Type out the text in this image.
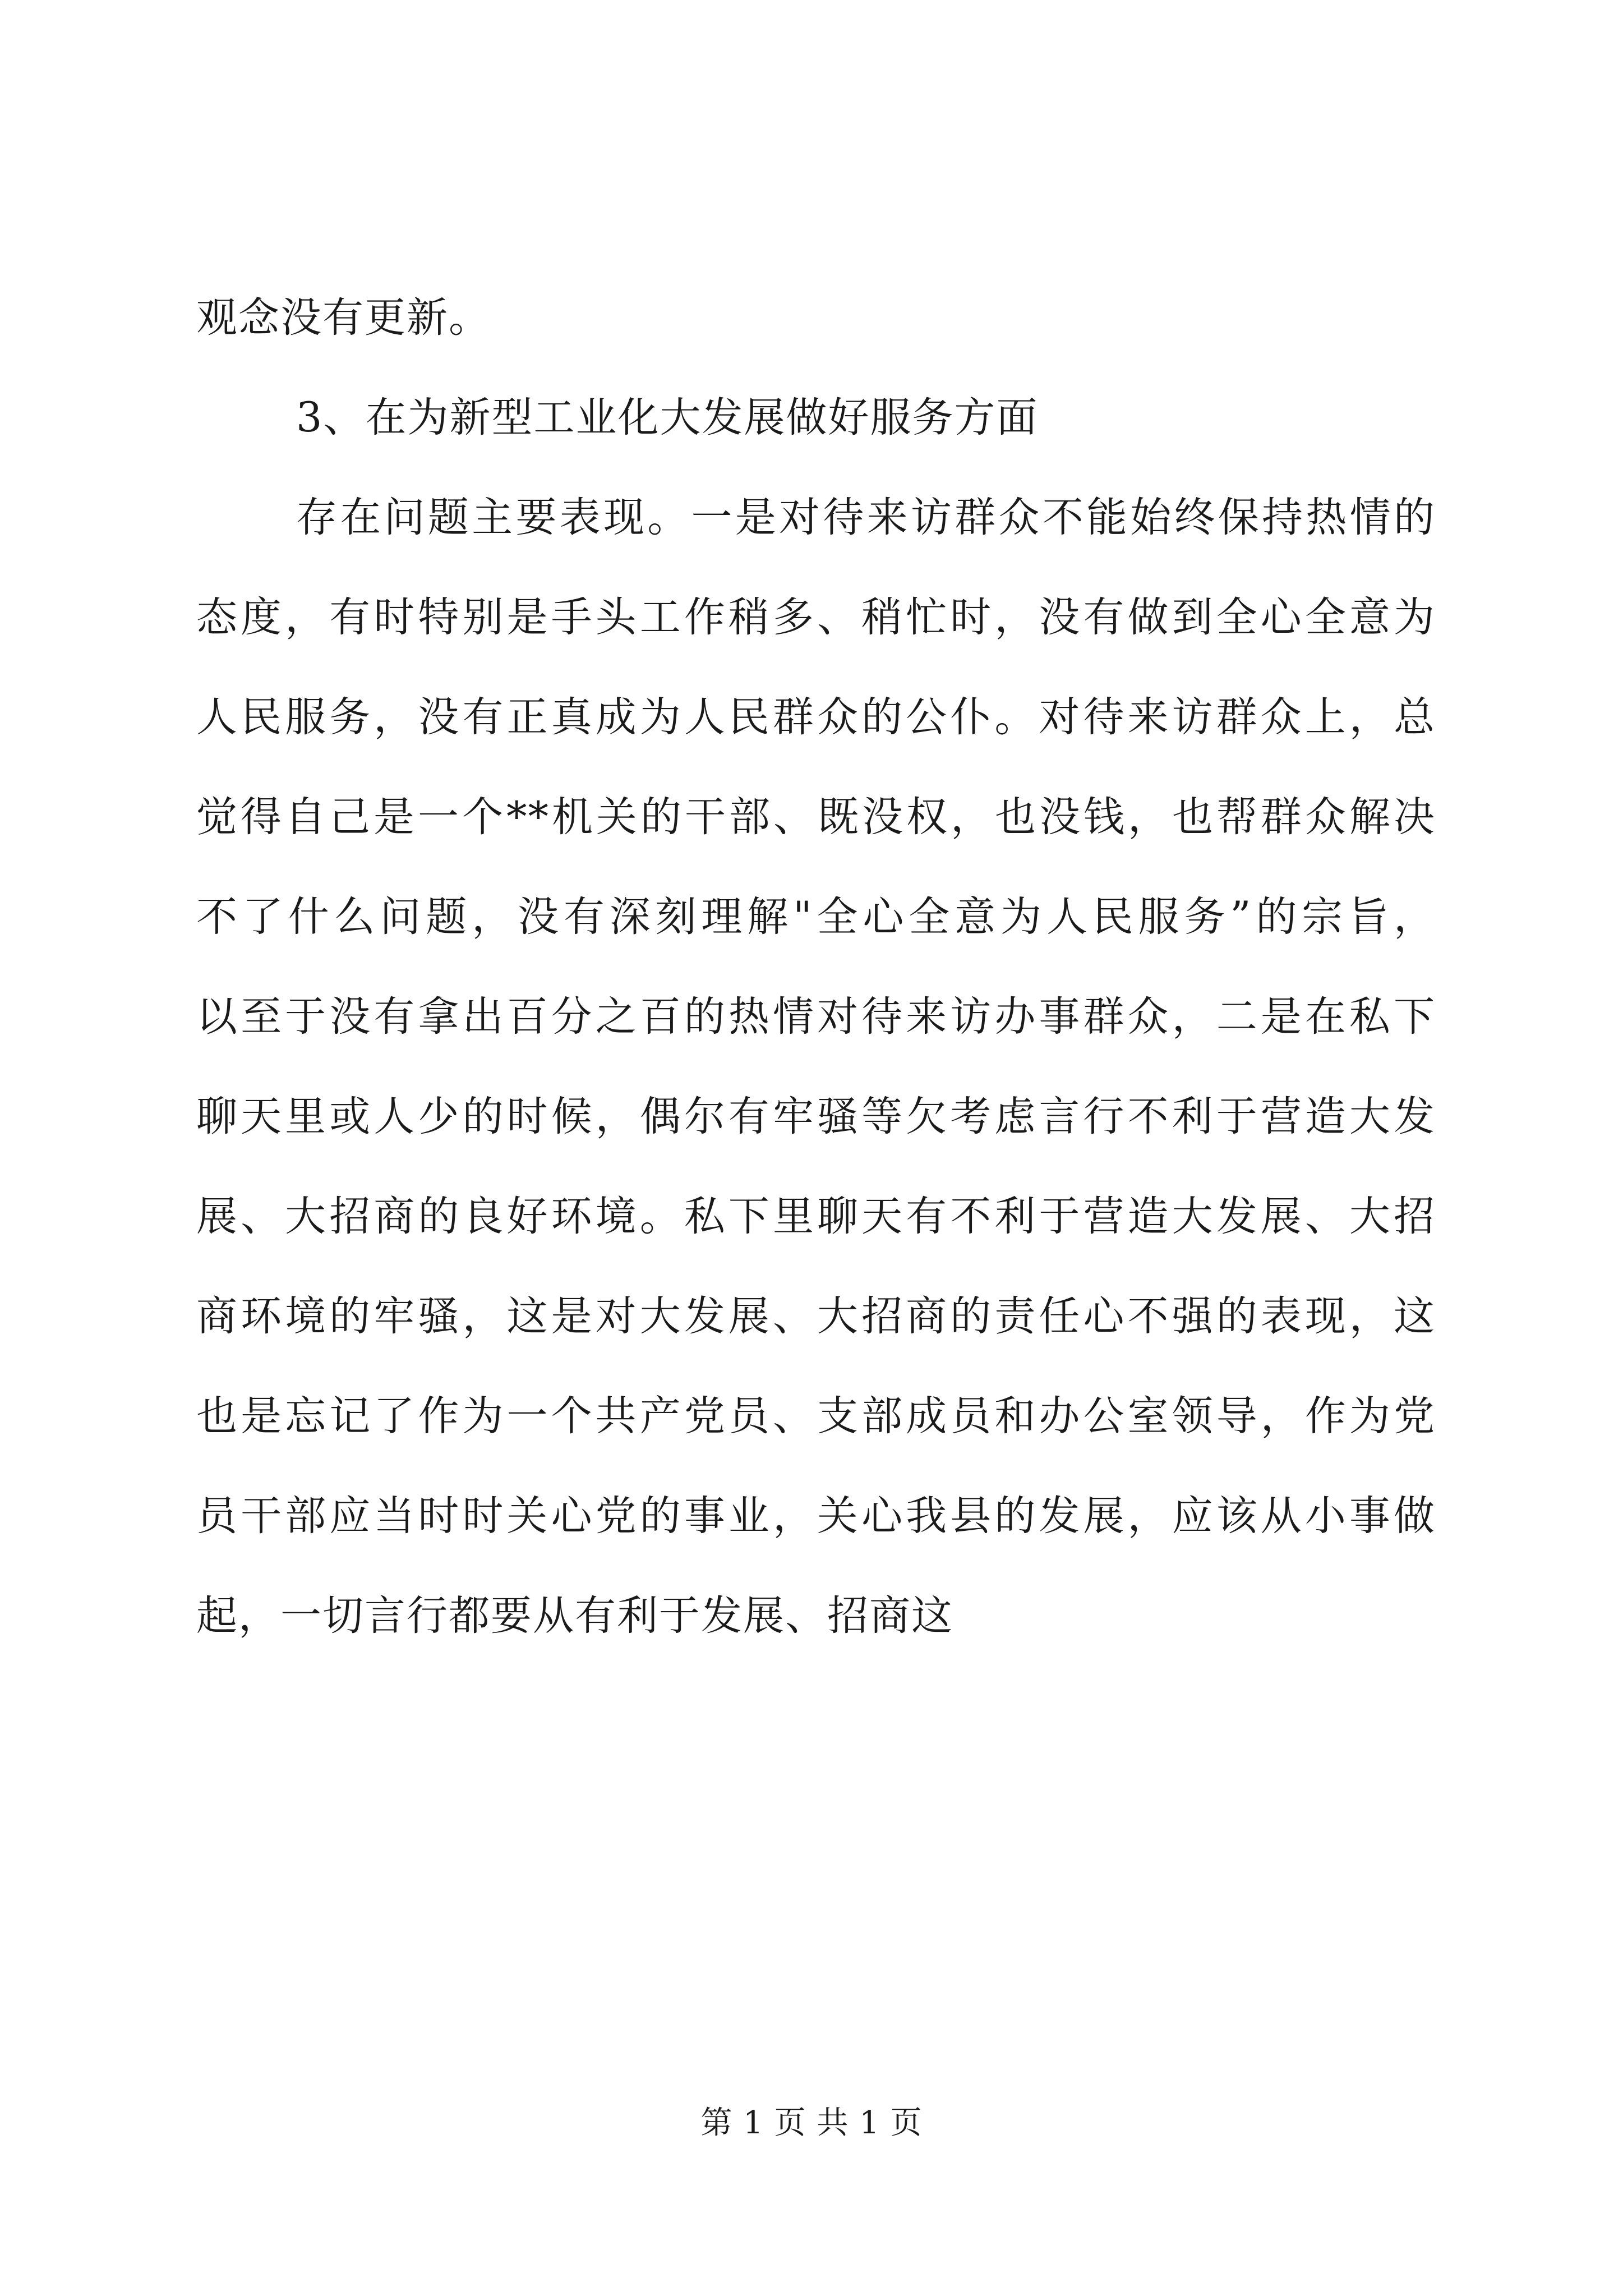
观念没有更新。
3、在为新型工业化大发展做好服务方面
存在问题主要表现。一是对待来访群众不能始终保持热情的
态度，有时特别是手头工作稍多、稍忙时，没有做到全心全意为
人民服务，没有正真成为人民群众的公仆。对待来访群众上，总
觉得自己是一个**机关的干部、既没权，也没钱，也帮群众解决
不了什么问题，没有深刻理解"全心全意为人民服务”的宗旨，
以至于没有拿出百分之百的热情对待来访办事群众，二是在私下
聊天里或人少的时候，偶尔有牢骚等欠考虑言行不利于营造大发
展、大招商的良好环境。私下里聊天有不利于营造大发展、大招
商环境的牢骚，这是对大发展、大招商的责任心不强的表现，这
也是忘记了作为一个共产党员、支部成员和办公室领导，作为党
员干部应当时时关心党的事业，关心我县的发展，应该从小事做
起，一切言行都要从有利于发展、招商这
第 1 页 共 1 页
